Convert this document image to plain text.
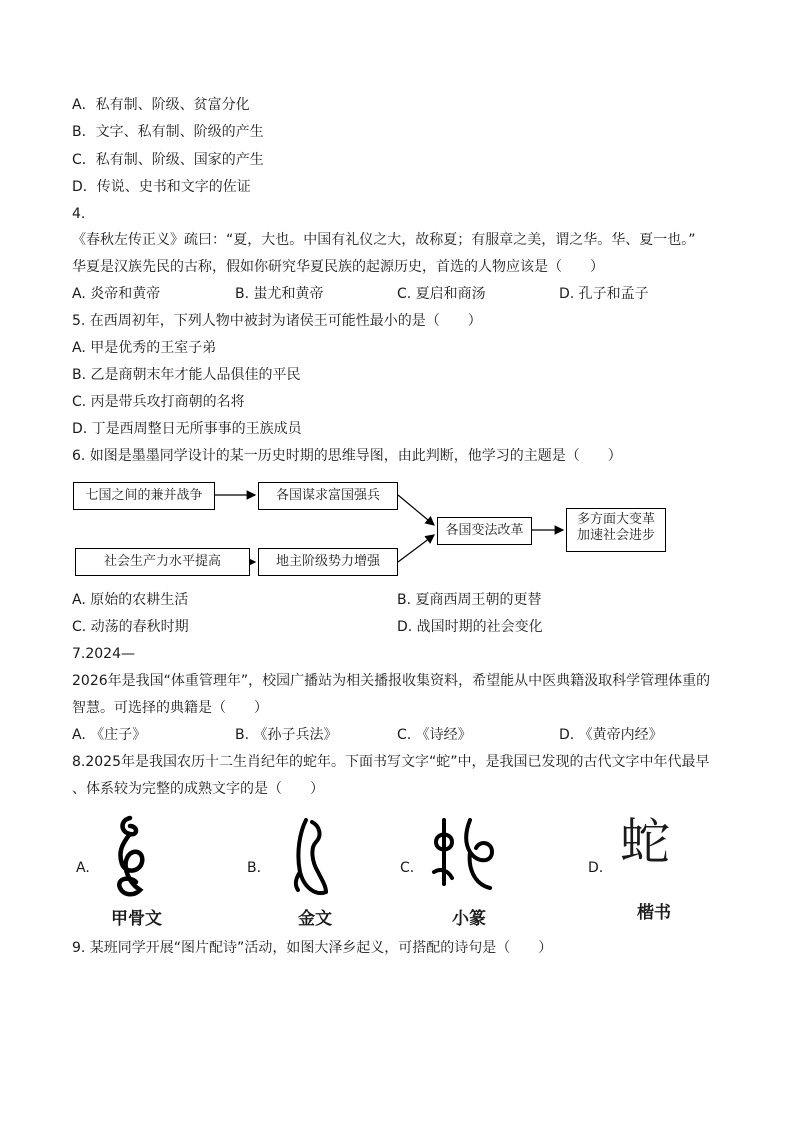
A．私有制、阶级、贫富分化
B．文字、私有制、阶级的产生
C．私有制、阶级、国家的产生
D．传说、史书和文字的佐证
4.
《春秋左传正义》疏曰：“夏，大也。中国有礼仪之大，故称夏；有服章之美，谓之华。华、夏一也。”
华夏是汉族先民的古称，假如你研究华夏民族的起源历史，首选的人物应该是（　　）
A. 炎帝和黄帝	B. 蚩尤和黄帝	C. 夏启和商汤	D. 孔子和孟子
5. 在西周初年，下列人物中被封为诸侯王可能性最小的是（　　）
A. 甲是优秀的王室子弟
B. 乙是商朝末年才能人品俱佳的平民
C. 丙是带兵攻打商朝的名将
D. 丁是西周整日无所事事的王族成员
6. 如图是墨墨同学设计的某一历史时期的思维导图，由此判断，他学习的主题是（　　）
七国之间的兼并战争	各国谋求富国强兵
社会生产力水平提高	地主阶级势力增强
各国变法改革
多方面大变革
加速社会进步
A. 原始的农耕生活	B. 夏商西周王朝的更替
C. 动荡的春秋时期	D. 战国时期的社会变化
7.2024—
2026年是我国“体重管理年”，校园广播站为相关播报收集资料，希望能从中医典籍汲取科学管理体重的
智慧。可选择的典籍是（　　）
A. 《庄子》	B. 《孙子兵法》	C. 《诗经》	D. 《黄帝内经》
8.2025年是我国农历十二生肖纪年的蛇年。下面书写文字“蛇”中，是我国已发现的古代文字中年代最早
、体系较为完整的成熟文字的是（　　）
A.
甲骨文
B.
金文
C.
小篆
D. 蛇
楷书
9. 某班同学开展“图片配诗”活动，如图大泽乡起义，可搭配的诗句是（　　）
